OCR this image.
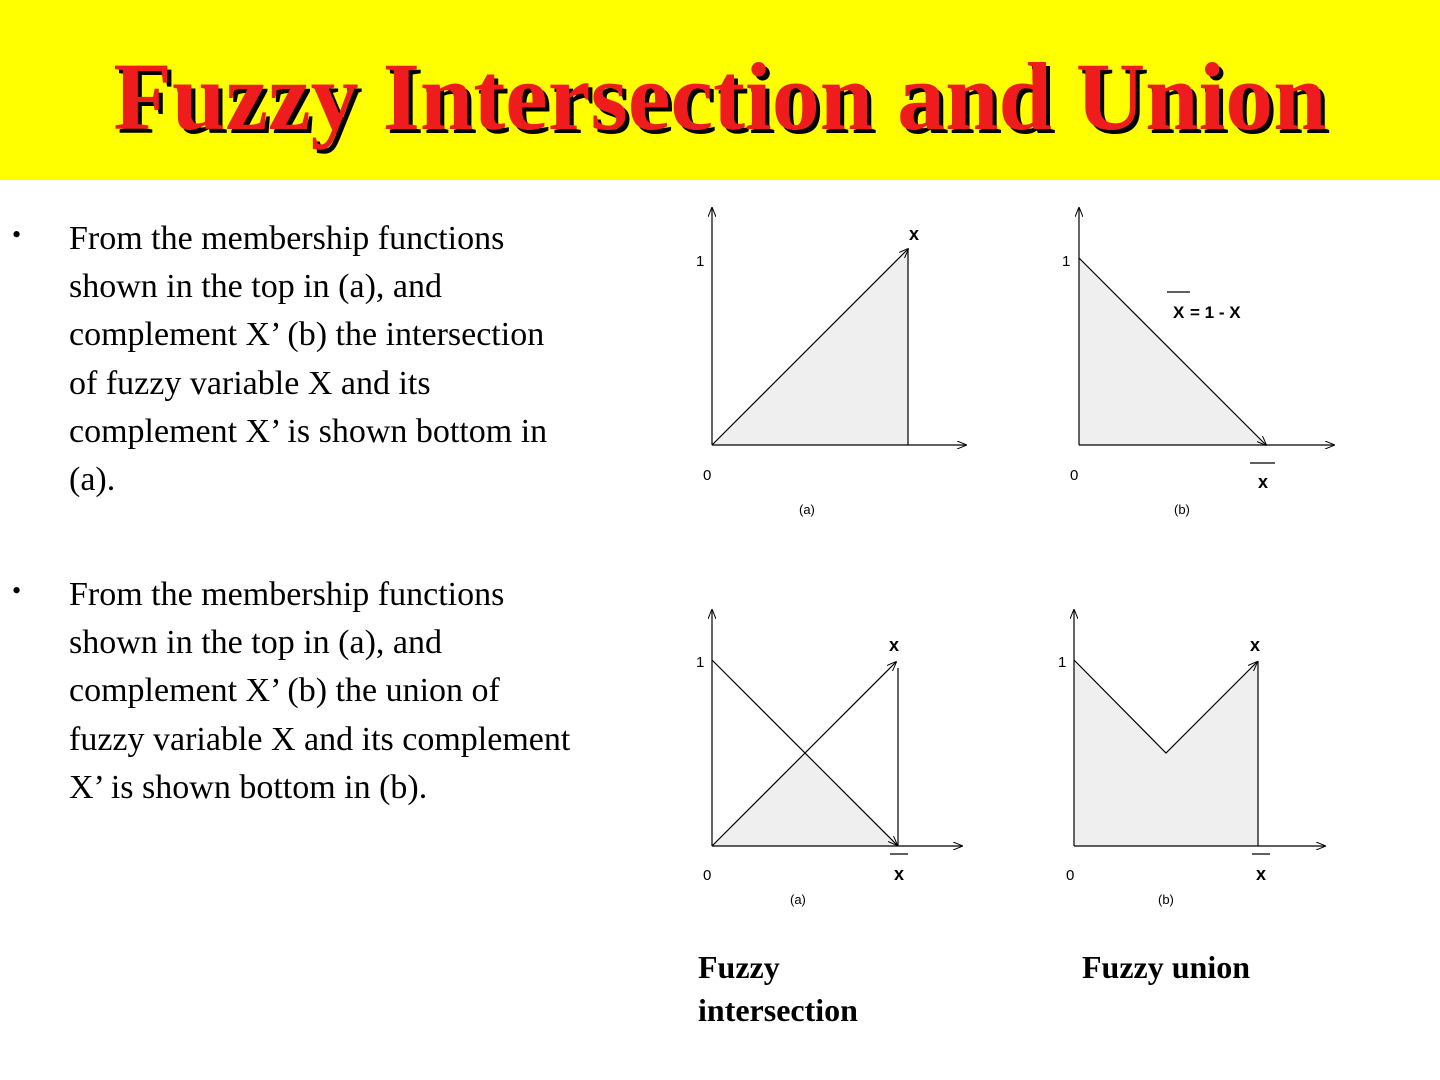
Fuzzy Intersection and Union
• From the membership functions shown in the top in (a), and complement X’ (b) the intersection of fuzzy variable X and its complement X’ is shown bottom in (a).
• From the membership functions shown in the top in (a), and complement X’ (b) the union of fuzzy variable X and its complement X’ is shown bottom in (b).
0
1
x
(a)
0
1
X = 1 - X
x
(b)
0
1
x
x
(a)
0
1
x
x
(b)
Fuzzy
intersection
Fuzzy union
